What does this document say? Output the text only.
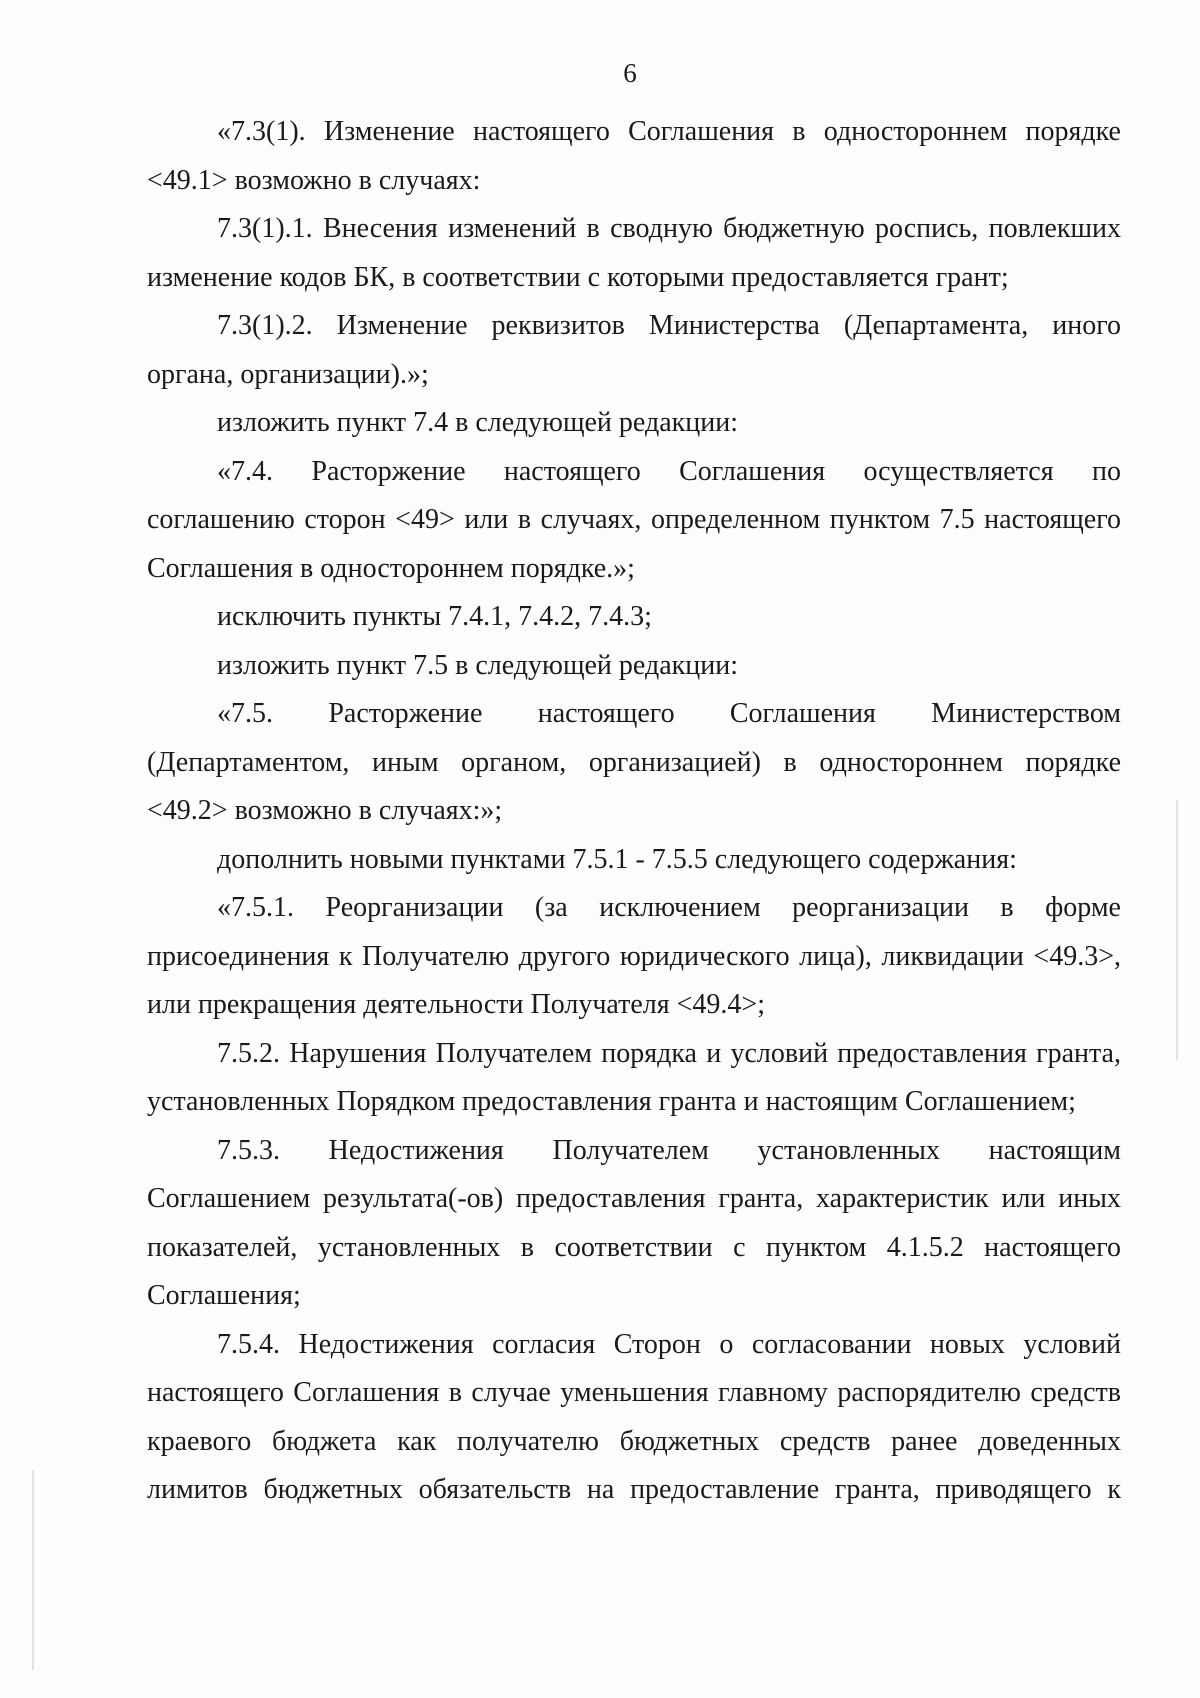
6
«7.3(1). Изменение настоящего Соглашения в одностороннем порядке
<49.1> возможно в случаях:
7.3(1).1. Внесения изменений в сводную бюджетную роспись, повлекших
изменение кодов БК, в соответствии с которыми предоставляется грант;
7.3(1).2. Изменение реквизитов Министерства (Департамента, иного
органа, организации).»;
изложить пункт 7.4 в следующей редакции:
«7.4. Расторжение настоящего Соглашения осуществляется по
соглашению сторон <49> или в случаях, определенном пунктом 7.5 настоящего
Соглашения в одностороннем порядке.»;
исключить пункты 7.4.1, 7.4.2, 7.4.3;
изложить пункт 7.5 в следующей редакции:
«7.5. Расторжение настоящего Соглашения Министерством
(Департаментом, иным органом, организацией) в одностороннем порядке
<49.2> возможно в случаях:»;
дополнить новыми пунктами 7.5.1 - 7.5.5 следующего содержания:
«7.5.1. Реорганизации (за исключением реорганизации в форме
присоединения к Получателю другого юридического лица), ликвидации <49.3>,
или прекращения деятельности Получателя <49.4>;
7.5.2. Нарушения Получателем порядка и условий предоставления гранта,
установленных Порядком предоставления гранта и настоящим Соглашением;
7.5.3. Недостижения Получателем установленных настоящим
Соглашением результата(-ов) предоставления гранта, характеристик или иных
показателей, установленных в соответствии с пунктом 4.1.5.2 настоящего
Соглашения;
7.5.4. Недостижения согласия Сторон о согласовании новых условий
настоящего Соглашения в случае уменьшения главному распорядителю средств
краевого бюджета как получателю бюджетных средств ранее доведенных
лимитов бюджетных обязательств на предоставление гранта, приводящего к
